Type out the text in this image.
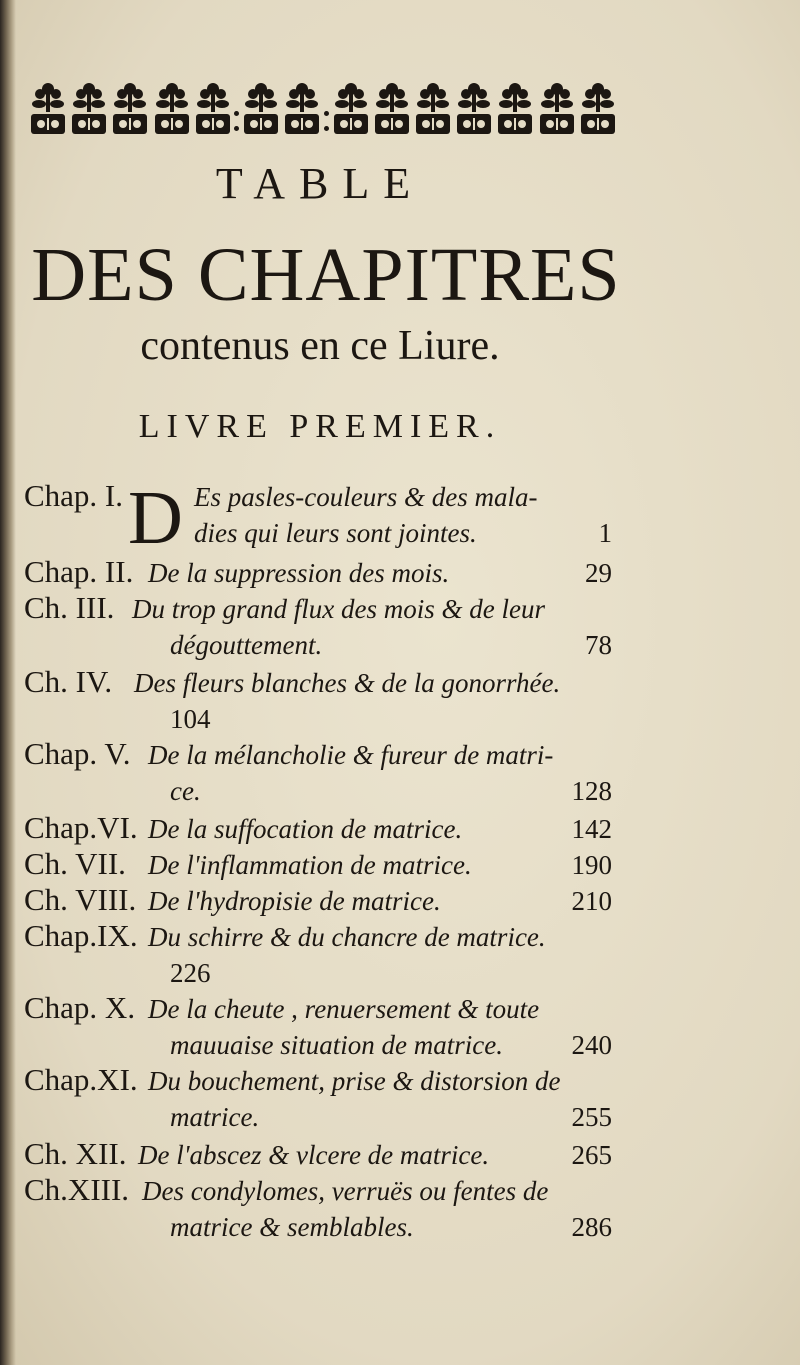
TABLE
DES CHAPITRES
contenus en ce Liure.
LIVRE PREMIER.
Chap. I. D Es pasles-couleurs & des mala-
dies qui leurs sont jointes.	1
Chap. II. De la suppression des mois.	29
Ch. III. Du trop grand flux des mois & de leur
dégouttement.	78
Ch. IV. Des fleurs blanches & de la gonorrhée.
104
Chap. V. De la mélancholie & fureur de matri-
ce.	128
Chap.VI. De la suffocation de matrice.	142
Ch. VII. De l'inflammation de matrice.	190
Ch. VIII. De l'hydropisie de matrice.	210
Chap.IX. Du schirre & du chancre de matrice.
226
Chap. X. De la cheute , renuersement & toute
mauuaise situation de matrice.	240
Chap.XI. Du bouchement, prise & distorsion de
matrice.	255
Ch. XII. De l'abscez & vlcere de matrice.	265
Ch.XIII. Des condylomes, verruës ou fentes de
matrice & semblables.	286
